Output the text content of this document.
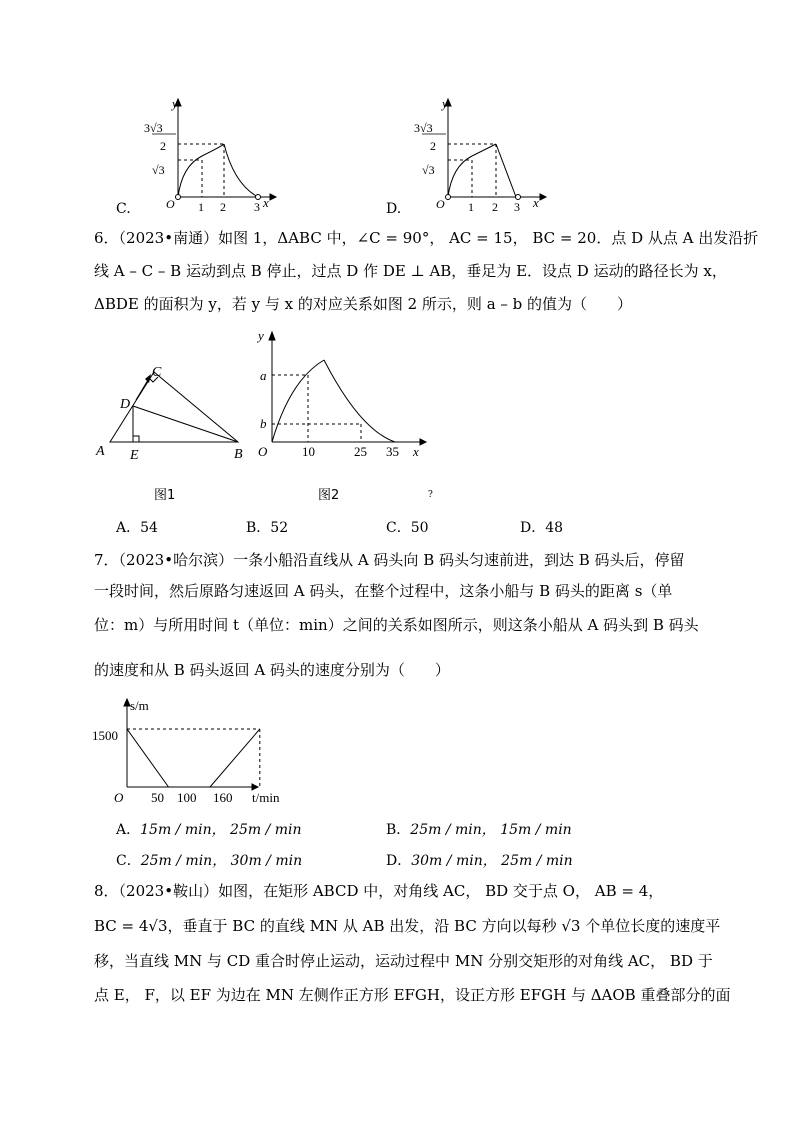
C.
y
x
O
3√3
2
√3
1 2 3	D.
y
x
O
3√3
2
√3
1 2 3
6．（2023•南通）如图 1，ΔABC 中，∠C = 90°， AC = 15， BC = 20．点 D 从点 A 出发沿折
线 A – C – B 运动到点 B 停止，过点 D 作 DE ⊥ AB，垂足为 E．设点 D 运动的路径长为 x，
ΔBDE 的面积为 y，若 y 与 x 的对应关系如图 2 所示，则 a – b 的值为（　　）
A	B
C
D
E
y
x
O
a
b
10	25 35
图1	图2	?
A．54	B．52	C．50	D．48
7．（2023•哈尔滨）一条小船沿直线从 A 码头向 B 码头匀速前进，到达 B 码头后，停留
一段时间，然后原路匀速返回 A 码头，在整个过程中，这条小船与 B 码头的距离 s（单
位：m）与所用时间 t（单位：min）之间的关系如图所示，则这条小船从 A 码头到 B 码头
的速度和从 B 码头返回 A 码头的速度分别为（　　）
s/m
t/min
O
1500
50 100 160
A．15m / min， 25m / min	B．25m / min， 15m / min
C．25m / min， 30m / min	D．30m / min， 25m / min
8．（2023•鞍山）如图，在矩形 ABCD 中，对角线 AC， BD 交于点 O， AB = 4，
BC = 4√3，垂直于 BC 的直线 MN 从 AB 出发，沿 BC 方向以每秒 √3 个单位长度的速度平
移，当直线 MN 与 CD 重合时停止运动，运动过程中 MN 分别交矩形的对角线 AC， BD 于
点 E， F，以 EF 为边在 MN 左侧作正方形 EFGH，设正方形 EFGH 与 ΔAOB 重叠部分的面
